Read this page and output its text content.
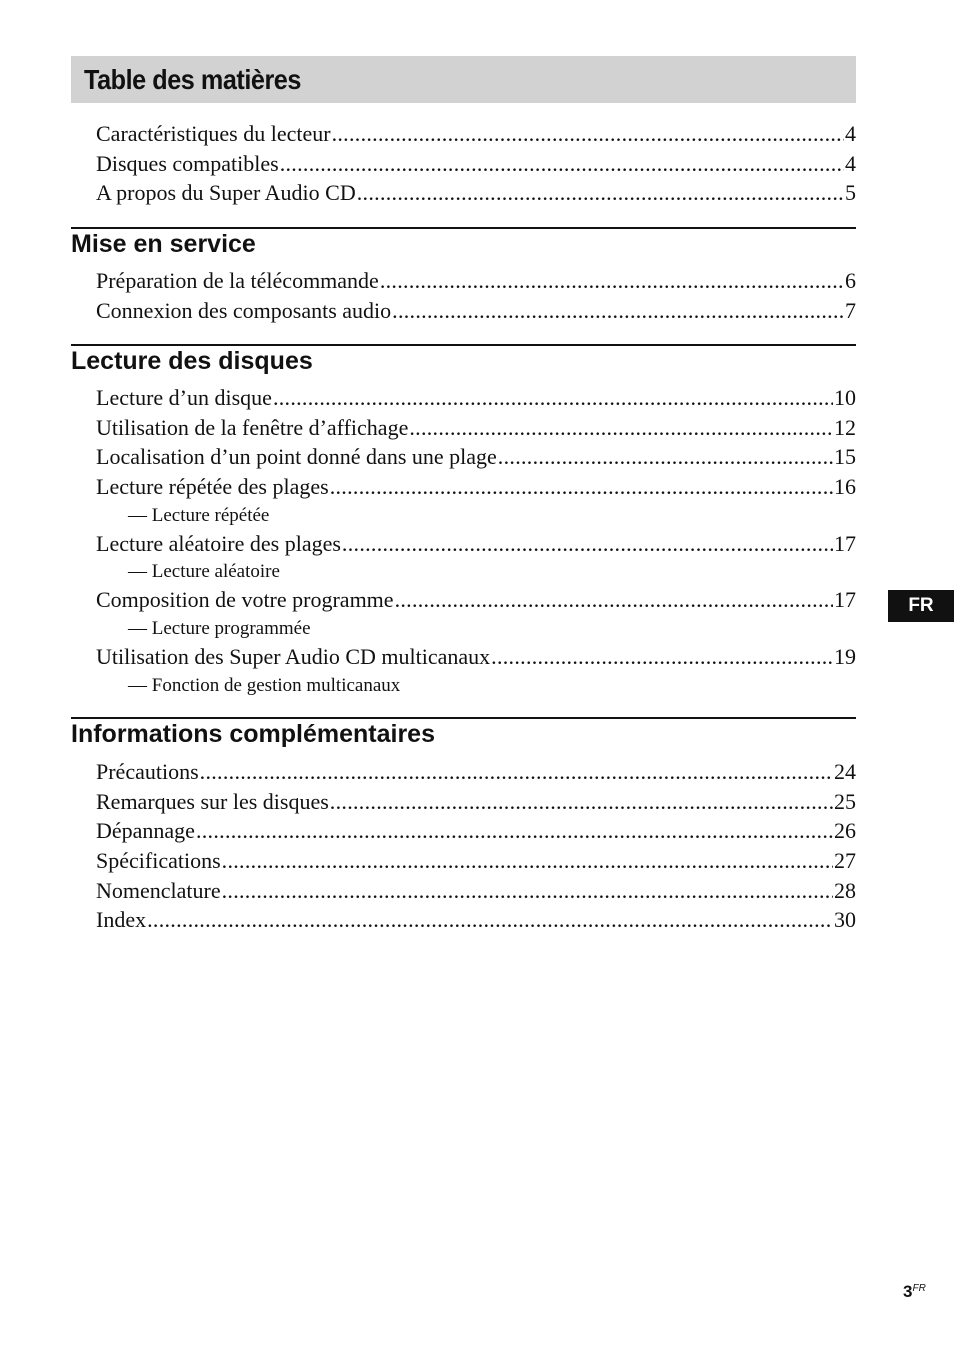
Table des matières
Caractéristiques du lecteur .....	4
Disques compatibles .....	4
A propos du Super Audio CD .....	5
Mise en service
Préparation de la télécommande .....	6
Connexion des composants audio .....	7
Lecture des disques
Lecture d’un disque .....	10
Utilisation de la fenêtre d’affichage .....	12
Localisation d’un point donné dans une plage .....	15
Lecture répétée des plages .....	16
— Lecture répétée
Lecture aléatoire des plages .....	17
— Lecture aléatoire
Composition de votre programme .....	17
— Lecture programmée
Utilisation des Super Audio CD multicanaux .....	19
— Fonction de gestion multicanaux
Informations complémentaires
Précautions .....	24
Remarques sur les disques .....	25
Dépannage .....	26
Spécifications .....	27
Nomenclature .....	28
Index .....	30
FR
$3^{FR}$
